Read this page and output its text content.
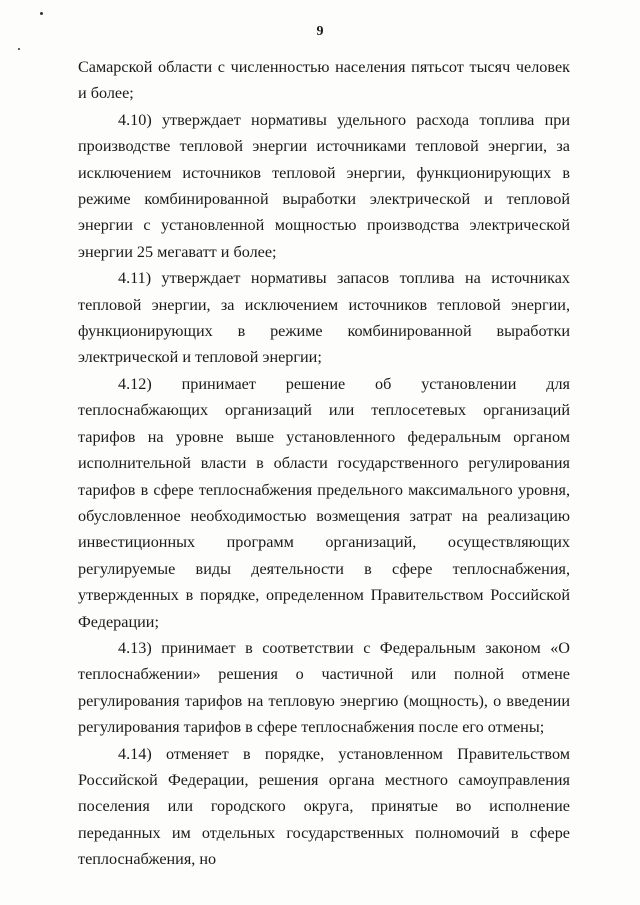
9

Самарской области с численностью населения пятьсот тысяч человек и более;

4.10) утверждает нормативы удельного расхода топлива при производстве тепловой энергии источниками тепловой энергии, за исключением источников тепловой энергии, функционирующих в режиме комбинированной выработки электрической и тепловой энергии с установленной мощностью производства электрической энергии 25 мегаватт и более;

4.11) утверждает нормативы запасов топлива на источниках тепловой энергии, за исключением источников тепловой энергии, функционирующих в режиме комбинированной выработки электрической и тепловой энергии;

4.12) принимает решение об установлении для теплоснабжающих организаций или теплосетевых организаций тарифов на уровне выше установленного федеральным органом исполнительной власти в области государственного регулирования тарифов в сфере теплоснабжения предельного максимального уровня, обусловленное необходимостью возмещения затрат на реализацию инвестиционных программ организаций, осуществляющих регулируемые виды деятельности в сфере теплоснабжения, утвержденных в порядке, определенном Правительством Российской Федерации;

4.13) принимает в соответствии с Федеральным законом «О теплоснабжении» решения о частичной или полной отмене регулирования тарифов на тепловую энергию (мощность), о введении регулирования тарифов в сфере теплоснабжения после его отмены;

4.14) отменяет в порядке, установленном Правительством Российской Федерации, решения органа местного самоуправления поселения или городского округа, принятые во исполнение переданных им отдельных государственных полномочий в сфере теплоснабжения, но
